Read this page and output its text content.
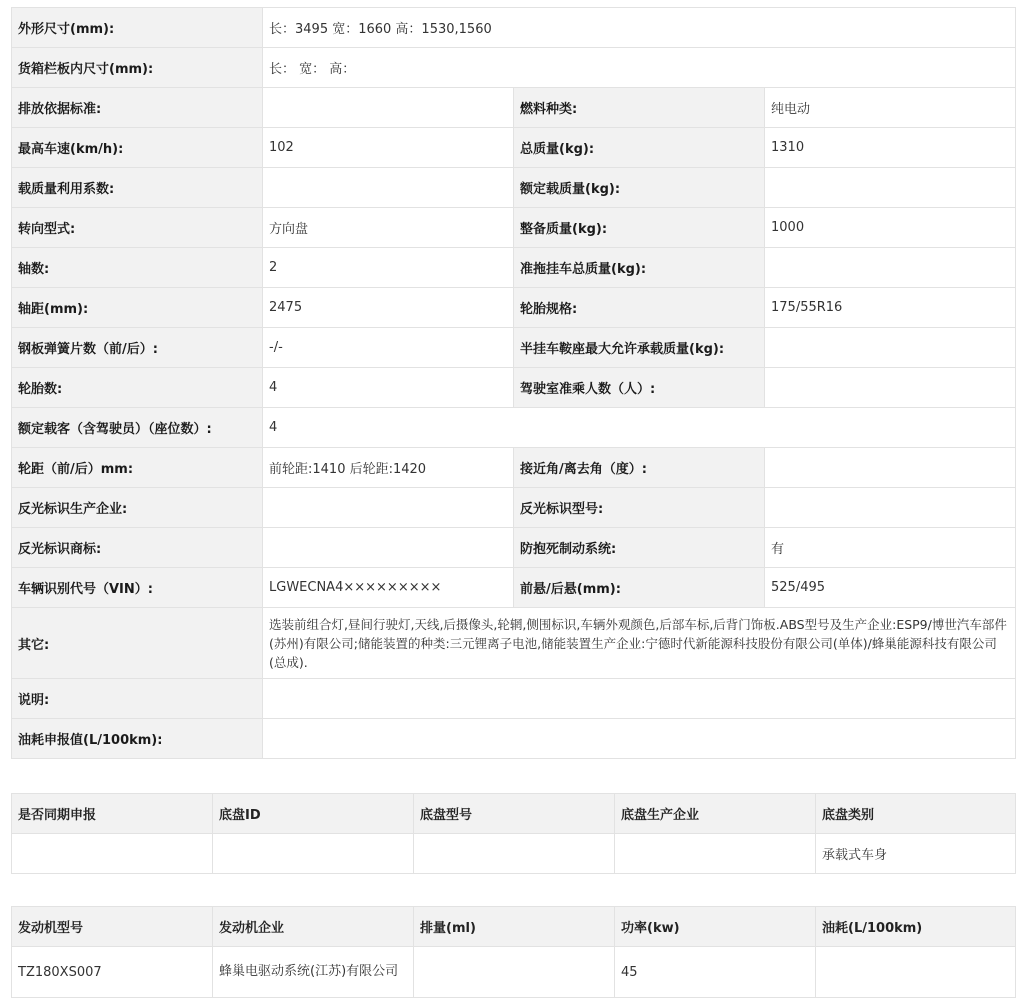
外形尺寸(mm):	长：3495 宽：1660 高：1530,1560		
货箱栏板内尺寸(mm):	长： 宽： 高：		
排放依据标准:		燃料种类:	纯电动
最高车速(km/h):	102	总质量(kg):	1310
载质量利用系数:		额定载质量(kg):	
转向型式:	方向盘	整备质量(kg):	1000
轴数:	2	准拖挂车总质量(kg):	
轴距(mm):	2475	轮胎规格:	175/55R16
钢板弹簧片数（前/后）:	-/-	半挂车鞍座最大允许承载质量(kg):	
轮胎数:	4	驾驶室准乘人数（人）:	
额定载客（含驾驶员）（座位数）:	4		
轮距（前/后）mm:	前轮距:1410 后轮距:1420	接近角/离去角（度）:	
反光标识生产企业:		反光标识型号:	
反光标识商标:		防抱死制动系统:	有
车辆识别代号（VIN）:	LGWECNA4×××××××××	前悬/后悬(mm):	525/495
其它:	选装前组合灯,昼间行驶灯,天线,后摄像头,轮辋,侧围标识,车辆外观颜色,后部车标,后背门饰板.ABS型号及生产企业:ESP9/博世汽车部件(苏州)有限公司;储能装置的种类:三元锂离子电池,储能装置生产企业:宁德时代新能源科技股份有限公司(单体)/蜂巢能源科技有限公司(总成).		
说明:			
油耗申报值(L/100km):			
是否同期申报	底盘ID	底盘型号	底盘生产企业	底盘类别
				承载式车身
发动机型号	发动机企业	排量(ml)	功率(kw)	油耗(L/100km)
TZ180XS007	蜂巢电驱动系统(江苏)有限公司		45	
